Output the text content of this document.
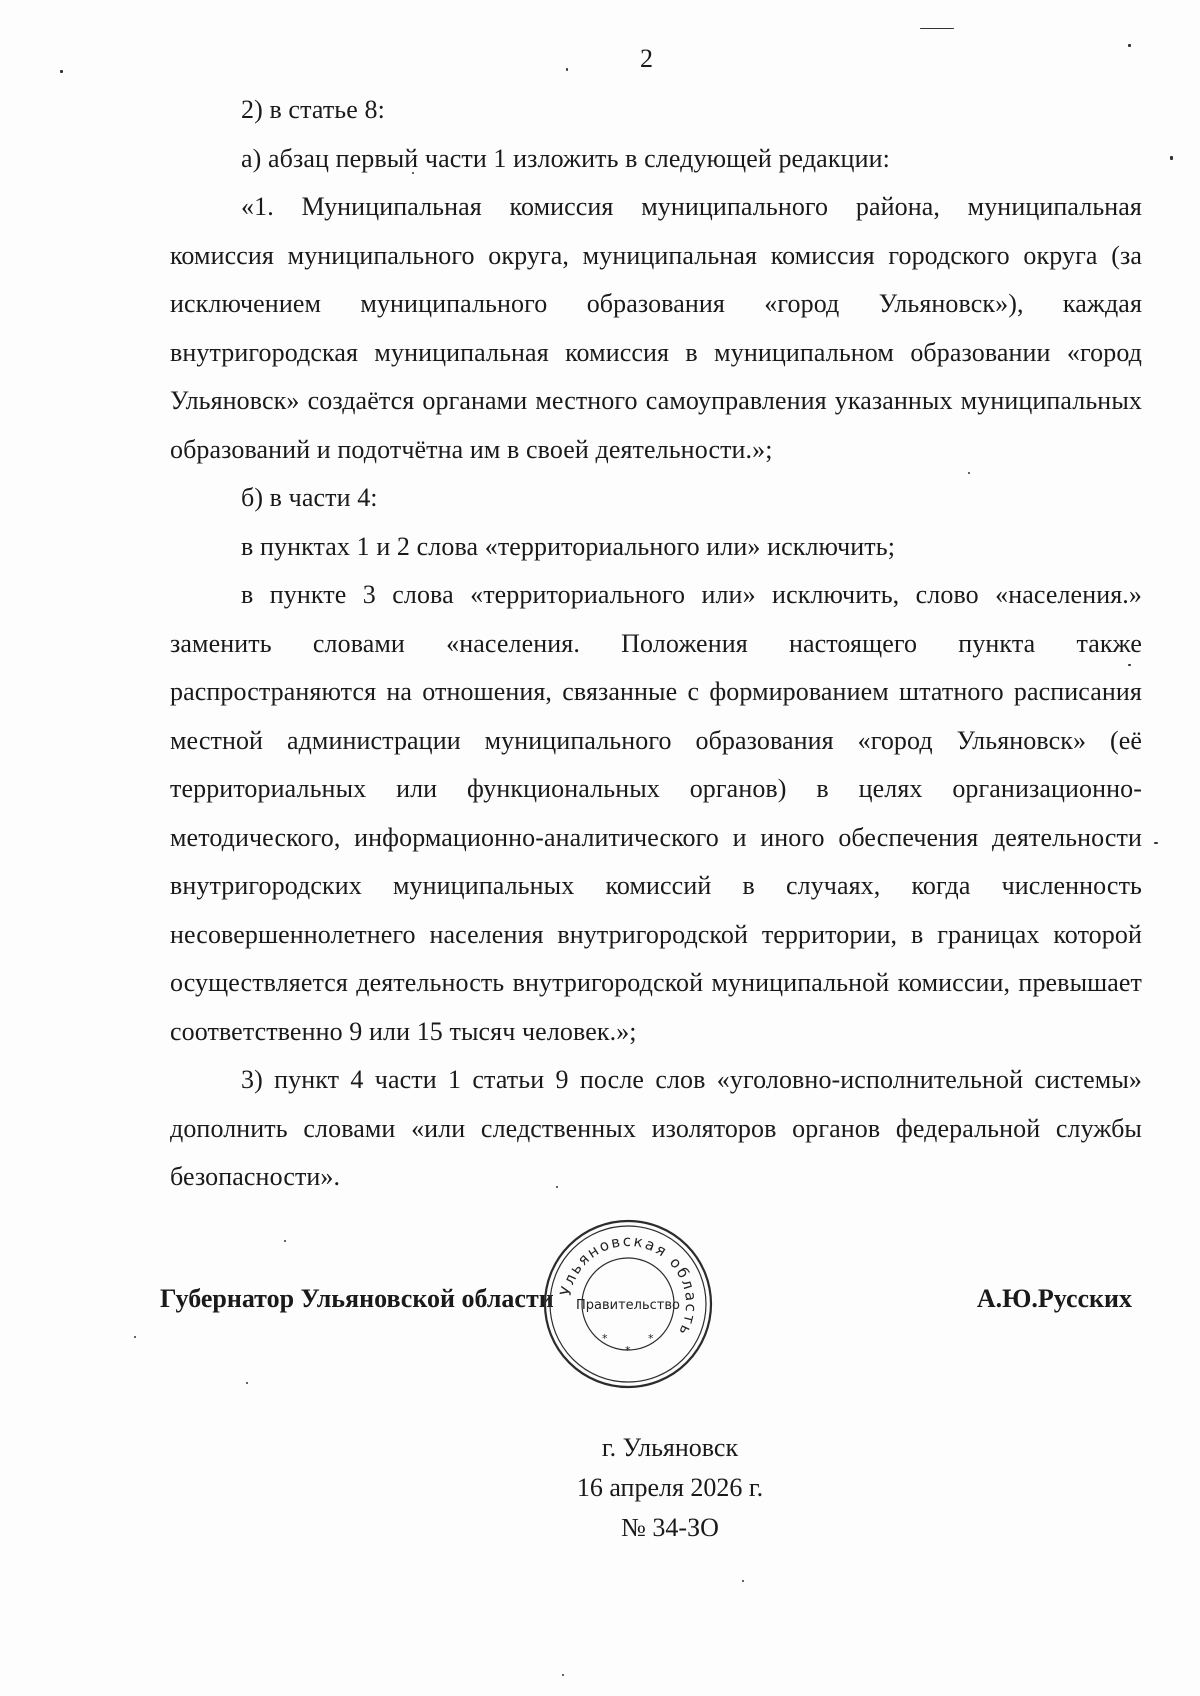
2

2) в статье 8:

а) абзац первый части 1 изложить в следующей редакции:

«1. Муниципальная комиссия муниципального района, муниципальная комиссия муниципального округа, муниципальная комиссия городского округа (за исключением муниципального образования «город Ульяновск»), каждая внутригородская муниципальная комиссия в муниципальном образовании «город Ульяновск» создаётся органами местного самоуправления указанных муниципальных образований и подотчётна им в своей деятельности.»;

б) в части 4:

в пунктах 1 и 2 слова «территориального или» исключить;

в пункте 3 слова «территориального или» исключить, слово «населения.» заменить словами «населения. Положения настоящего пункта также распространяются на отношения, связанные с формированием штатного расписания местной администрации муниципального образования «город Ульяновск» (её территориальных или функциональных органов) в целях организационно-методического, информационно-аналитического и иного обеспечения деятельности внутригородских муниципальных комиссий в случаях, когда численность несовершеннолетнего населения внутригородской территории, в границах которой осуществляется деятельность внутригородской муниципальной комиссии, превышает соответственно 9 или 15 тысяч человек.»;

3) пункт 4 части 1 статьи 9 после слов «уголовно-исполнительной системы» дополнить словами «или следственных изоляторов органов федеральной службы безопасности».

Губернатор Ульяновской области	А.Ю.Русских
Ульяновская область
Правительство
*
*
*
г. Ульяновск
16 апреля 2026 г.
№ 34-ЗО
